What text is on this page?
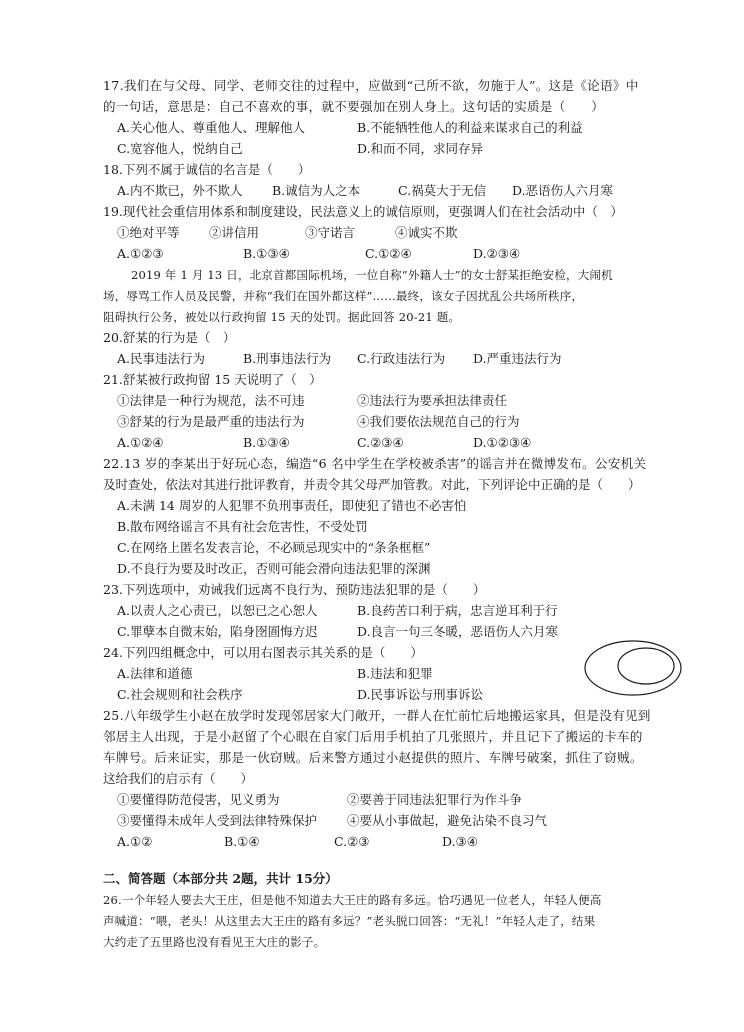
17.我们在与父母、同学、老师交往的过程中，应做到“己所不欲，勿施于人”。这是《论语》中
的一句话，意思是：自己不喜欢的事，就不要强加在别人身上。这句话的实质是（　　）
A.关心他人、尊重他人、理解他人	B.不能牺牲他人的利益来谋求自己的利益
C.宽容他人，悦纳自己	D.和而不同，求同存异
18.下列不属于诚信的名言是（　　）
A.内不欺已，外不欺人 B.诚信为人之本	C.祸莫大于无信 D.恶语伤人六月寒
19.现代社会重信用体系和制度建设，民法意义上的诚信原则，更强调人们在社会活动中（　）
①绝对平等 ②讲信用	③守诺言	④诚实不欺
A.①②③	B.①③④	C.①②④	D.②③④
2019 年 1 月 13 日，北京首都国际机场，一位自称“外籍人士”的女士舒某拒绝安检，大闹机
场，辱骂工作人员及民警，并称“我们在国外都这样”……最终，该女子因扰乱公共场所秩序，
阻碍执行公务，被处以行政拘留 15 天的处罚。据此回答 20-21 题。
20.舒某的行为是（　）
A.民事违法行为	B.刑事违法行为 C.行政违法行为 D.严重违法行为
21.舒某被行政拘留 15 天说明了（　）
①法律是一种行为规范，法不可违	②违法行为要承担法律责任
③舒某的行为是最严重的违法行为	④我们要依法规范自己的行为
A.①②④	B.①③④	C.②③④	D.①②③④
22.13 岁的李某出于好玩心态，编造“6 名中学生在学校被杀害”的谣言并在微博发布。公安机关
及时查处，依法对其进行批评教育，并责令其父母严加管教。对此，下列评论中正确的是（　　）
A.未满 14 周岁的人犯罪不负刑事责任，即使犯了错也不必害怕
B.散布网络谣言不具有社会危害性，不受处罚
C.在网络上匿名发表言论，不必顾忌现实中的“条条框框”
D.不良行为要及时改正，否则可能会滑向违法犯罪的深渊
23.下列选项中，劝诫我们远离不良行为、预防违法犯罪的是（　　）
A.以责人之心责已，以恕已之心恕人	B.良药苦口利于病，忠言逆耳利于行
C.罪孽本自微末始，陷身囹圄悔方迟	D.良言一句三冬暖，恶语伤人六月寒
24.下列四组概念中，可以用右图表示其关系的是（　　）
A.法律和道德	B.违法和犯罪
C.社会规则和社会秩序	D.民事诉讼与刑事诉讼
25.八年级学生小赵在放学时发现邻居家大门敞开，一群人在忙前忙后地搬运家具，但是没有见到
邻居主人出现，于是小赵留了个心眼在自家门后用手机拍了几张照片，并且记下了搬运的卡车的
车牌号。后来证实，那是一伙窃贼。后来警方通过小赵提供的照片、车牌号破案，抓住了窃贼。
这给我们的启示有（　　）
①要懂得防范侵害，见义勇为	②要善于同违法犯罪行为作斗争
③要懂得未成年人受到法律特殊保护 ④要从小事做起，避免沾染不良习气
A.①②	B.①④	C.②③	D.③④
二、简答题（本部分共 2题，共计 15分）
26.一个年轻人要去大王庄，但是他不知道去大王庄的路有多远。恰巧遇见一位老人，年轻人便高
声喊道：“喂，老头！从这里去大王庄的路有多远？”老头脱口回答：“无礼！”年轻人走了，结果
大约走了五里路也没有看见王大庄的影子。
